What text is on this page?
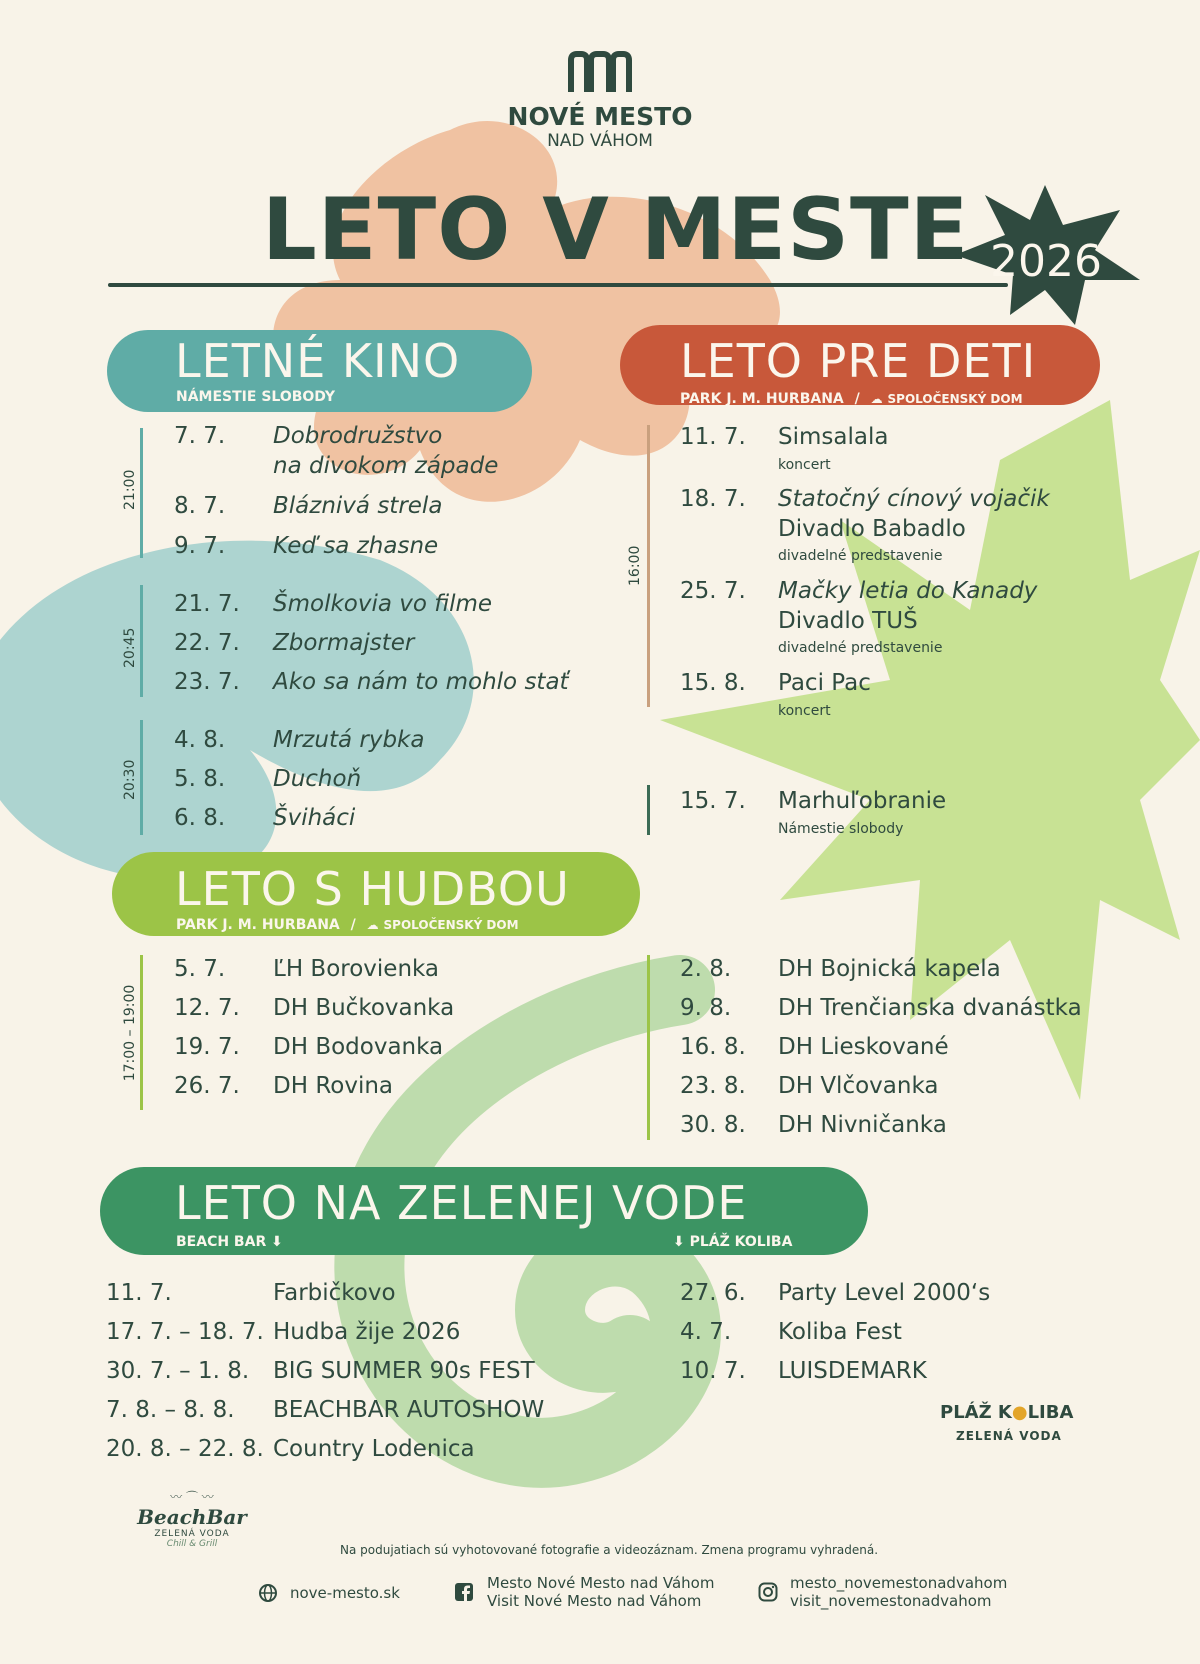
NOVÉ MESTO
NAD VÁHOM
LETO V MESTE 2026
LETNÉ KINO
NÁMESTIE SLOBODY
21:00
20:45
20:30
7. 7. Dobrodružstvo
na divokom západe
8. 7. Bláznivá strela
9. 7. Keď sa zhasne
21. 7. Šmolkovia vo filme
22. 7. Zbormajster
23. 7. Ako sa nám to mohlo stať
4. 8. Mrzutá rybka
5. 8. Duchoň
6. 8. Šviháci
LETO PRE DETI
PARK J. M. HURBANA / ☁ SPOLOČENSKÝ DOM
16:00
11. 7. Simsalala
koncert
18. 7. Statočný cínový vojačik
Divadlo Babadlo
divadelné predstavenie
25. 7. Mačky letia do Kanady
Divadlo TUŠ
divadelné predstavenie
15. 8. Paci Pac
koncert
15. 7. Marhuľobranie
Námestie slobody
LETO S HUDBOU
PARK J. M. HURBANA / ☁ SPOLOČENSKÝ DOM
17:00 – 19:00
5. 7. ĽH Borovienka
12. 7. DH Bučkovanka
19. 7. DH Bodovanka
26. 7. DH Rovina
2. 8. DH Bojnická kapela
9. 8. DH Trenčianska dvanástka
16. 8. DH Lieskované
23. 8. DH Vlčovanka
30. 8. DH Nivničanka
LETO NA ZELENEJ VODE
BEACH BAR ⬇	⬇ PLÁŽ KOLIBA
11. 7.	Farbičkovo
17. 7. – 18. 7. Hudba žije 2026
30. 7. – 1. 8. BIG SUMMER 90s FEST
7. 8. – 8. 8. BEACHBAR AUTOSHOW
20. 8. – 22. 8. Country Lodenica
27. 6. Party Level 2000‘s
4. 7. Koliba Fest
10. 7. LUISDEMARK
PLÁŽ K●LIBA
ZELENÁ VODA
〰 ⌒ 〰
BeachBar
ZELENÁ VODA
Chill & Grill	Na podujatiach sú vyhotovované fotografie a videozáznam. Zmena programu vyhradená.
nove-mesto.sk
Mesto Nové Mesto nad Váhom
Visit Nové Mesto nad Váhom
mesto_novemestonadvahom
visit_novemestonadvahom
